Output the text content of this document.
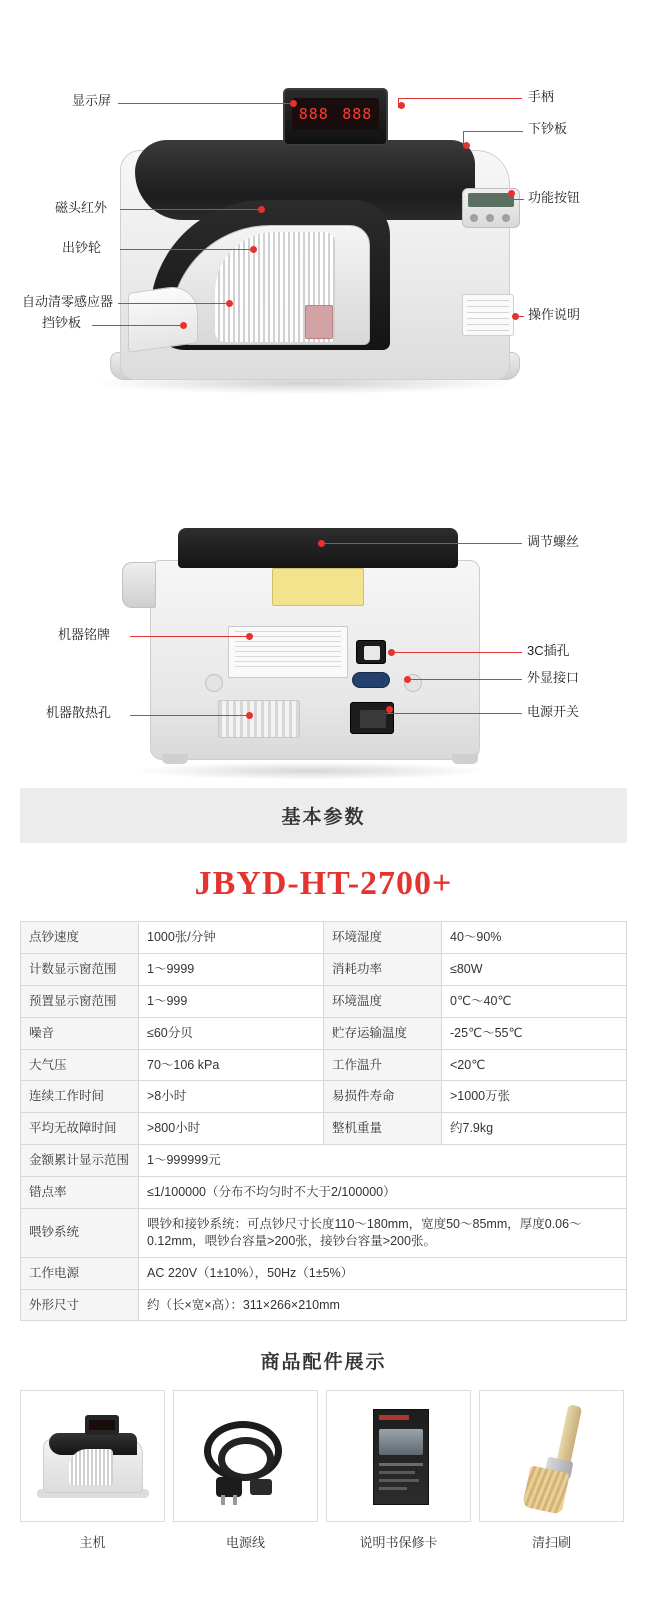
888 888
显示屏
磁头红外
出钞轮
自动清零感应器
挡钞板
手柄
下钞板
功能按钮
操作说明
调节螺丝
3C插孔
外显接口
电源开关
机器铭牌
机器散热孔
基本参数
JBYD-HT-2700+
点钞速度	1000张/分钟	环境湿度	40～90%
计数显示窗范围	1～9999	消耗功率	≤80W
预置显示窗范围	1～999	环境温度	0℃～40℃
噪音	≤60分贝	贮存运输温度	-25℃～55℃
大气压	70～106 kPa	工作温升	<20℃
连续工作时间	>8小时	易损件寿命	>1000万张
平均无故障时间	>800小时	整机重量	约7.9kg
金额累计显示范围	1～999999元		
错点率	≤1/100000（分布不均匀时不大于2/100000）		
喂钞系统	喂钞和接钞系统：可点钞尺寸长度110～180mm，宽度50～85mm，厚度0.06～0.12mm，喂钞台容量>200张，接钞台容量>200张。		
工作电源	AC 220V（1±10%），50Hz（1±5%）		
外形尺寸	约（长×宽×高）：311×266×210mm		
商品配件展示
主机	电源线	说明书保修卡	清扫刷
